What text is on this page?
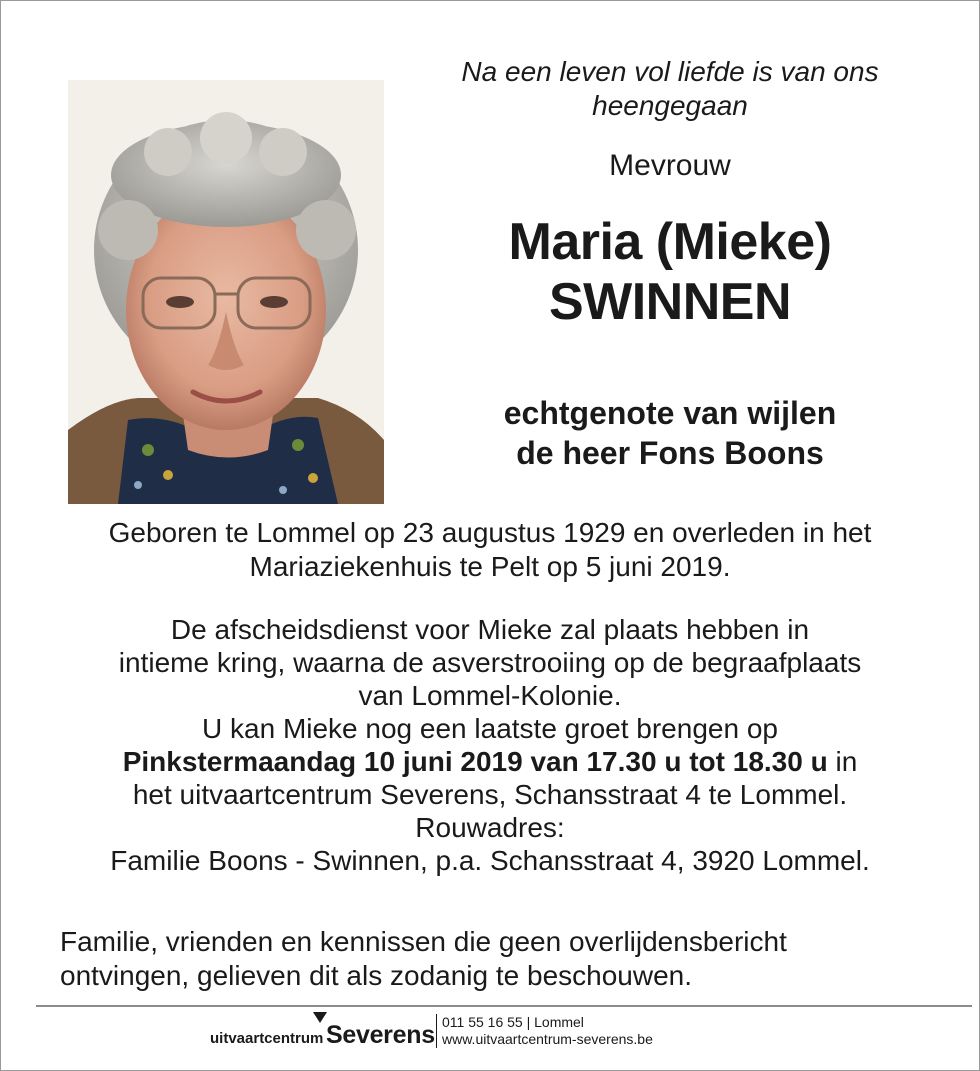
Na een leven vol liefde is van ons
heengegaan
Mevrouw
Maria (Mieke)
SWINNEN
echtgenote van wijlen
de heer Fons Boons
Geboren te Lommel op 23 augustus 1929 en overleden in het
Mariaziekenhuis te Pelt op 5 juni 2019.
De afscheidsdienst voor Mieke zal plaats hebben in
intieme kring, waarna de asverstrooiing op de begraafplaats
van Lommel-Kolonie.
U kan Mieke nog een laatste groet brengen op
Pinkstermaandag 10 juni 2019 van 17.30 u tot 18.30 u in
het uitvaartcentrum Severens, Schansstraat 4 te Lommel.
Rouwadres:
Familie Boons - Swinnen, p.a. Schansstraat 4, 3920 Lommel.
Familie, vrienden en kennissen die geen overlijdensbericht
ontvingen, gelieven dit als zodanig te beschouwen.
uitvaartcentrum Severens 011 55 16 55 | Lommel
www.uitvaartcentrum-severens.be
